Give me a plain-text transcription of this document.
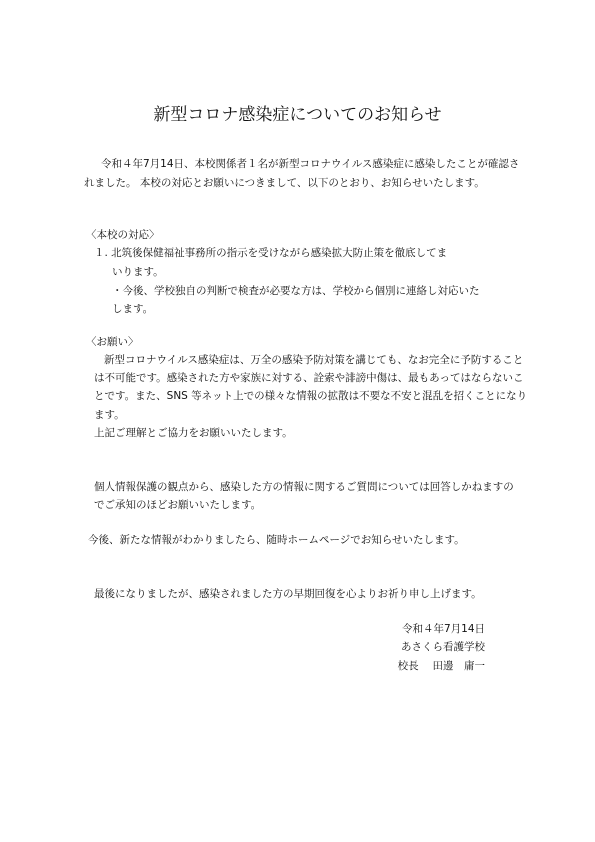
新型コロナ感染症についてのお知らせ
令和４年7月14日、本校関係者１名が新型コロナウイルス感染症に感染したことが確認さ
れました。 本校の対応とお願いにつきまして、以下のとおり、お知らせいたします。
〈本校の対応〉
１. 北筑後保健福祉事務所の指示を受けながら感染拡大防止策を徹底してま
いります。
・今後、学校独自の判断で検査が必要な方は、学校から個別に連絡し対応いた
します。
〈お願い〉
新型コロナウイルス感染症は、万全の感染予防対策を講じても、なお完全に予防すること
は不可能です。感染された方や家族に対する、詮索や誹謗中傷は、最もあってはならないこ
とです。また、SNS 等ネット上での様々な情報の拡散は不要な不安と混乱を招くことになり
ます。
上記ご理解とご協力をお願いいたします。
個人情報保護の観点から、感染した方の情報に関するご質問については回答しかねますの
でご承知のほどお願いいたします。
今後、新たな情報がわかりましたら、随時ホームページでお知らせいたします。
最後になりましたが、感染されました方の早期回復を心よりお祈り申し上げます。
令和４年7月14日
あさくら看護学校
校長　 田邊　庸一
